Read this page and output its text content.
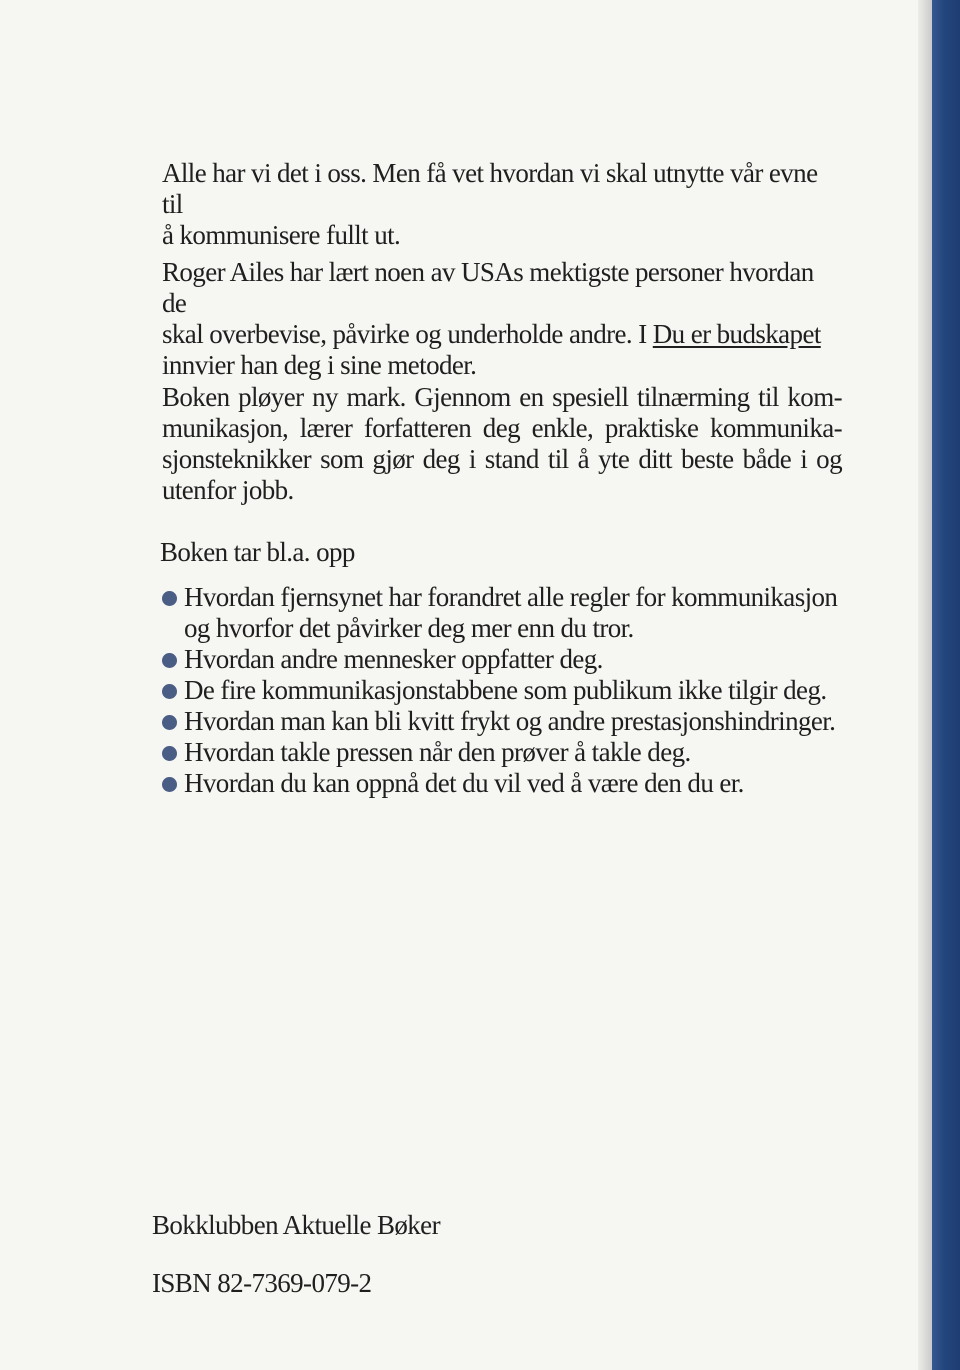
Alle har vi det i oss. Men få vet hvordan vi skal utnytte vår evne til
å kommunisere fullt ut.
Roger Ailes har lært noen av USAs mektigste personer hvordan de
skal overbevise, påvirke og underholde andre. I Du er budskapet
innvier han deg i sine metoder.
Boken pløyer ny mark. Gjennom en spesiell tilnærming til kom-
munikasjon, lærer forfatteren deg enkle, praktiske kommunika-
sjonsteknikker som gjør deg i stand til å yte ditt beste både i og
utenfor jobb.
Boken tar bl.a. opp
Hvordan fjernsynet har forandret alle regler for kommunikasjon
og hvorfor det påvirker deg mer enn du tror.
Hvordan andre mennesker oppfatter deg.
De fire kommunikasjonstabbene som publikum ikke tilgir deg.
Hvordan man kan bli kvitt frykt og andre prestasjonshindringer.
Hvordan takle pressen når den prøver å takle deg.
Hvordan du kan oppnå det du vil ved å være den du er.
Bokklubben Aktuelle Bøker
ISBN 82-7369-079-2
